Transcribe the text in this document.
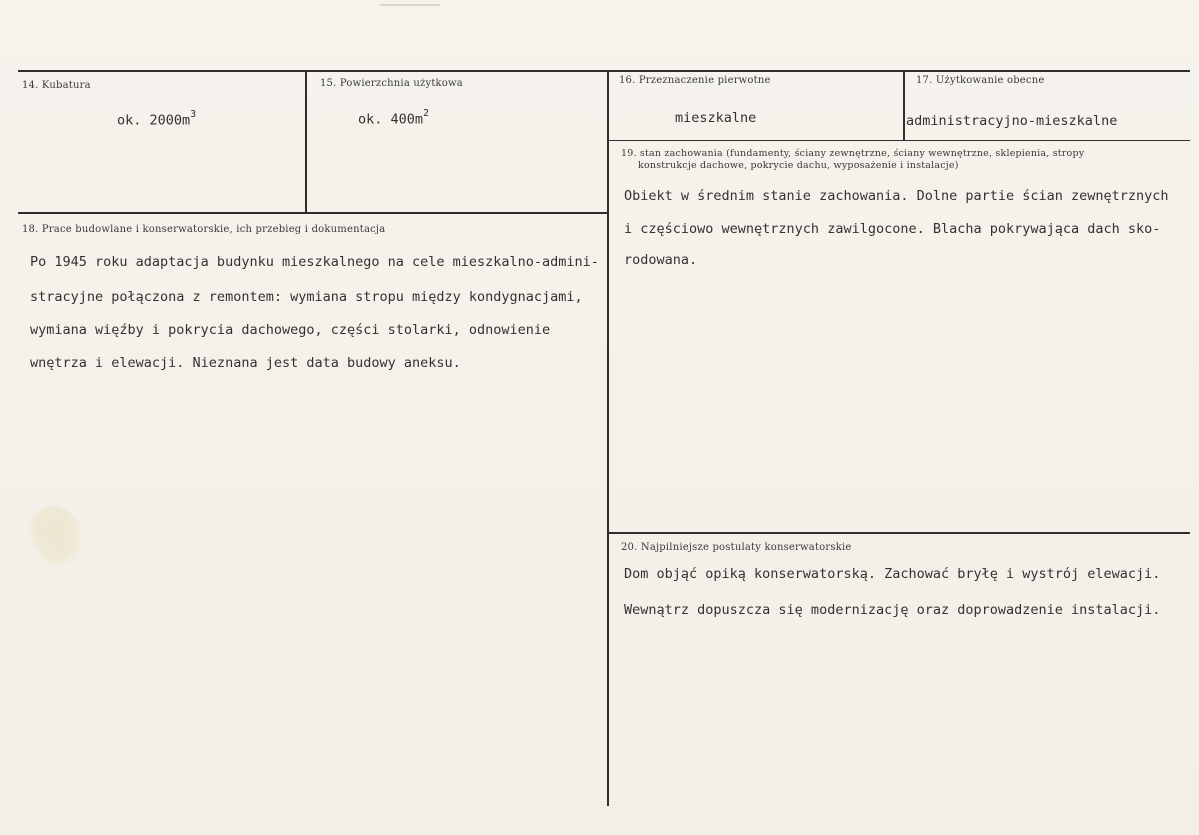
14. Kubatura
ok. $2000m^3$
15. Powierzchnia użytkowa
ok. $400m^2$
16. Przeznaczenie pierwotne
mieszkalne
17. Użytkowanie obecne
administracyjno-mieszkalne
18. Prace budowlane i konserwatorskie, ich przebieg i dokumentacja
Po 1945 roku adaptacja budynku mieszkalnego na cele mieszkalno-admini-
stracyjne połączona z remontem: wymiana stropu między kondygnacjami,
wymiana więźby i pokrycia dachowego, części stolarki, odnowienie
wnętrza i elewacji. Nieznana jest data budowy aneksu.
19. stan zachowania (fundamenty, ściany zewnętrzne, ściany wewnętrzne, sklepienia, stropy
konstrukcje dachowe, pokrycie dachu, wyposażenie i instalacje)
Obiekt w średnim stanie zachowania. Dolne partie ścian zewnętrznych
i częściowo wewnętrznych zawilgocone. Blacha pokrywająca dach sko-
rodowana.
20. Najpilniejsze postulaty konserwatorskie
Dom objąć opiką konserwatorską. Zachować bryłę i wystrój elewacji.
Wewnątrz dopuszcza się modernizację oraz doprowadzenie instalacji.
